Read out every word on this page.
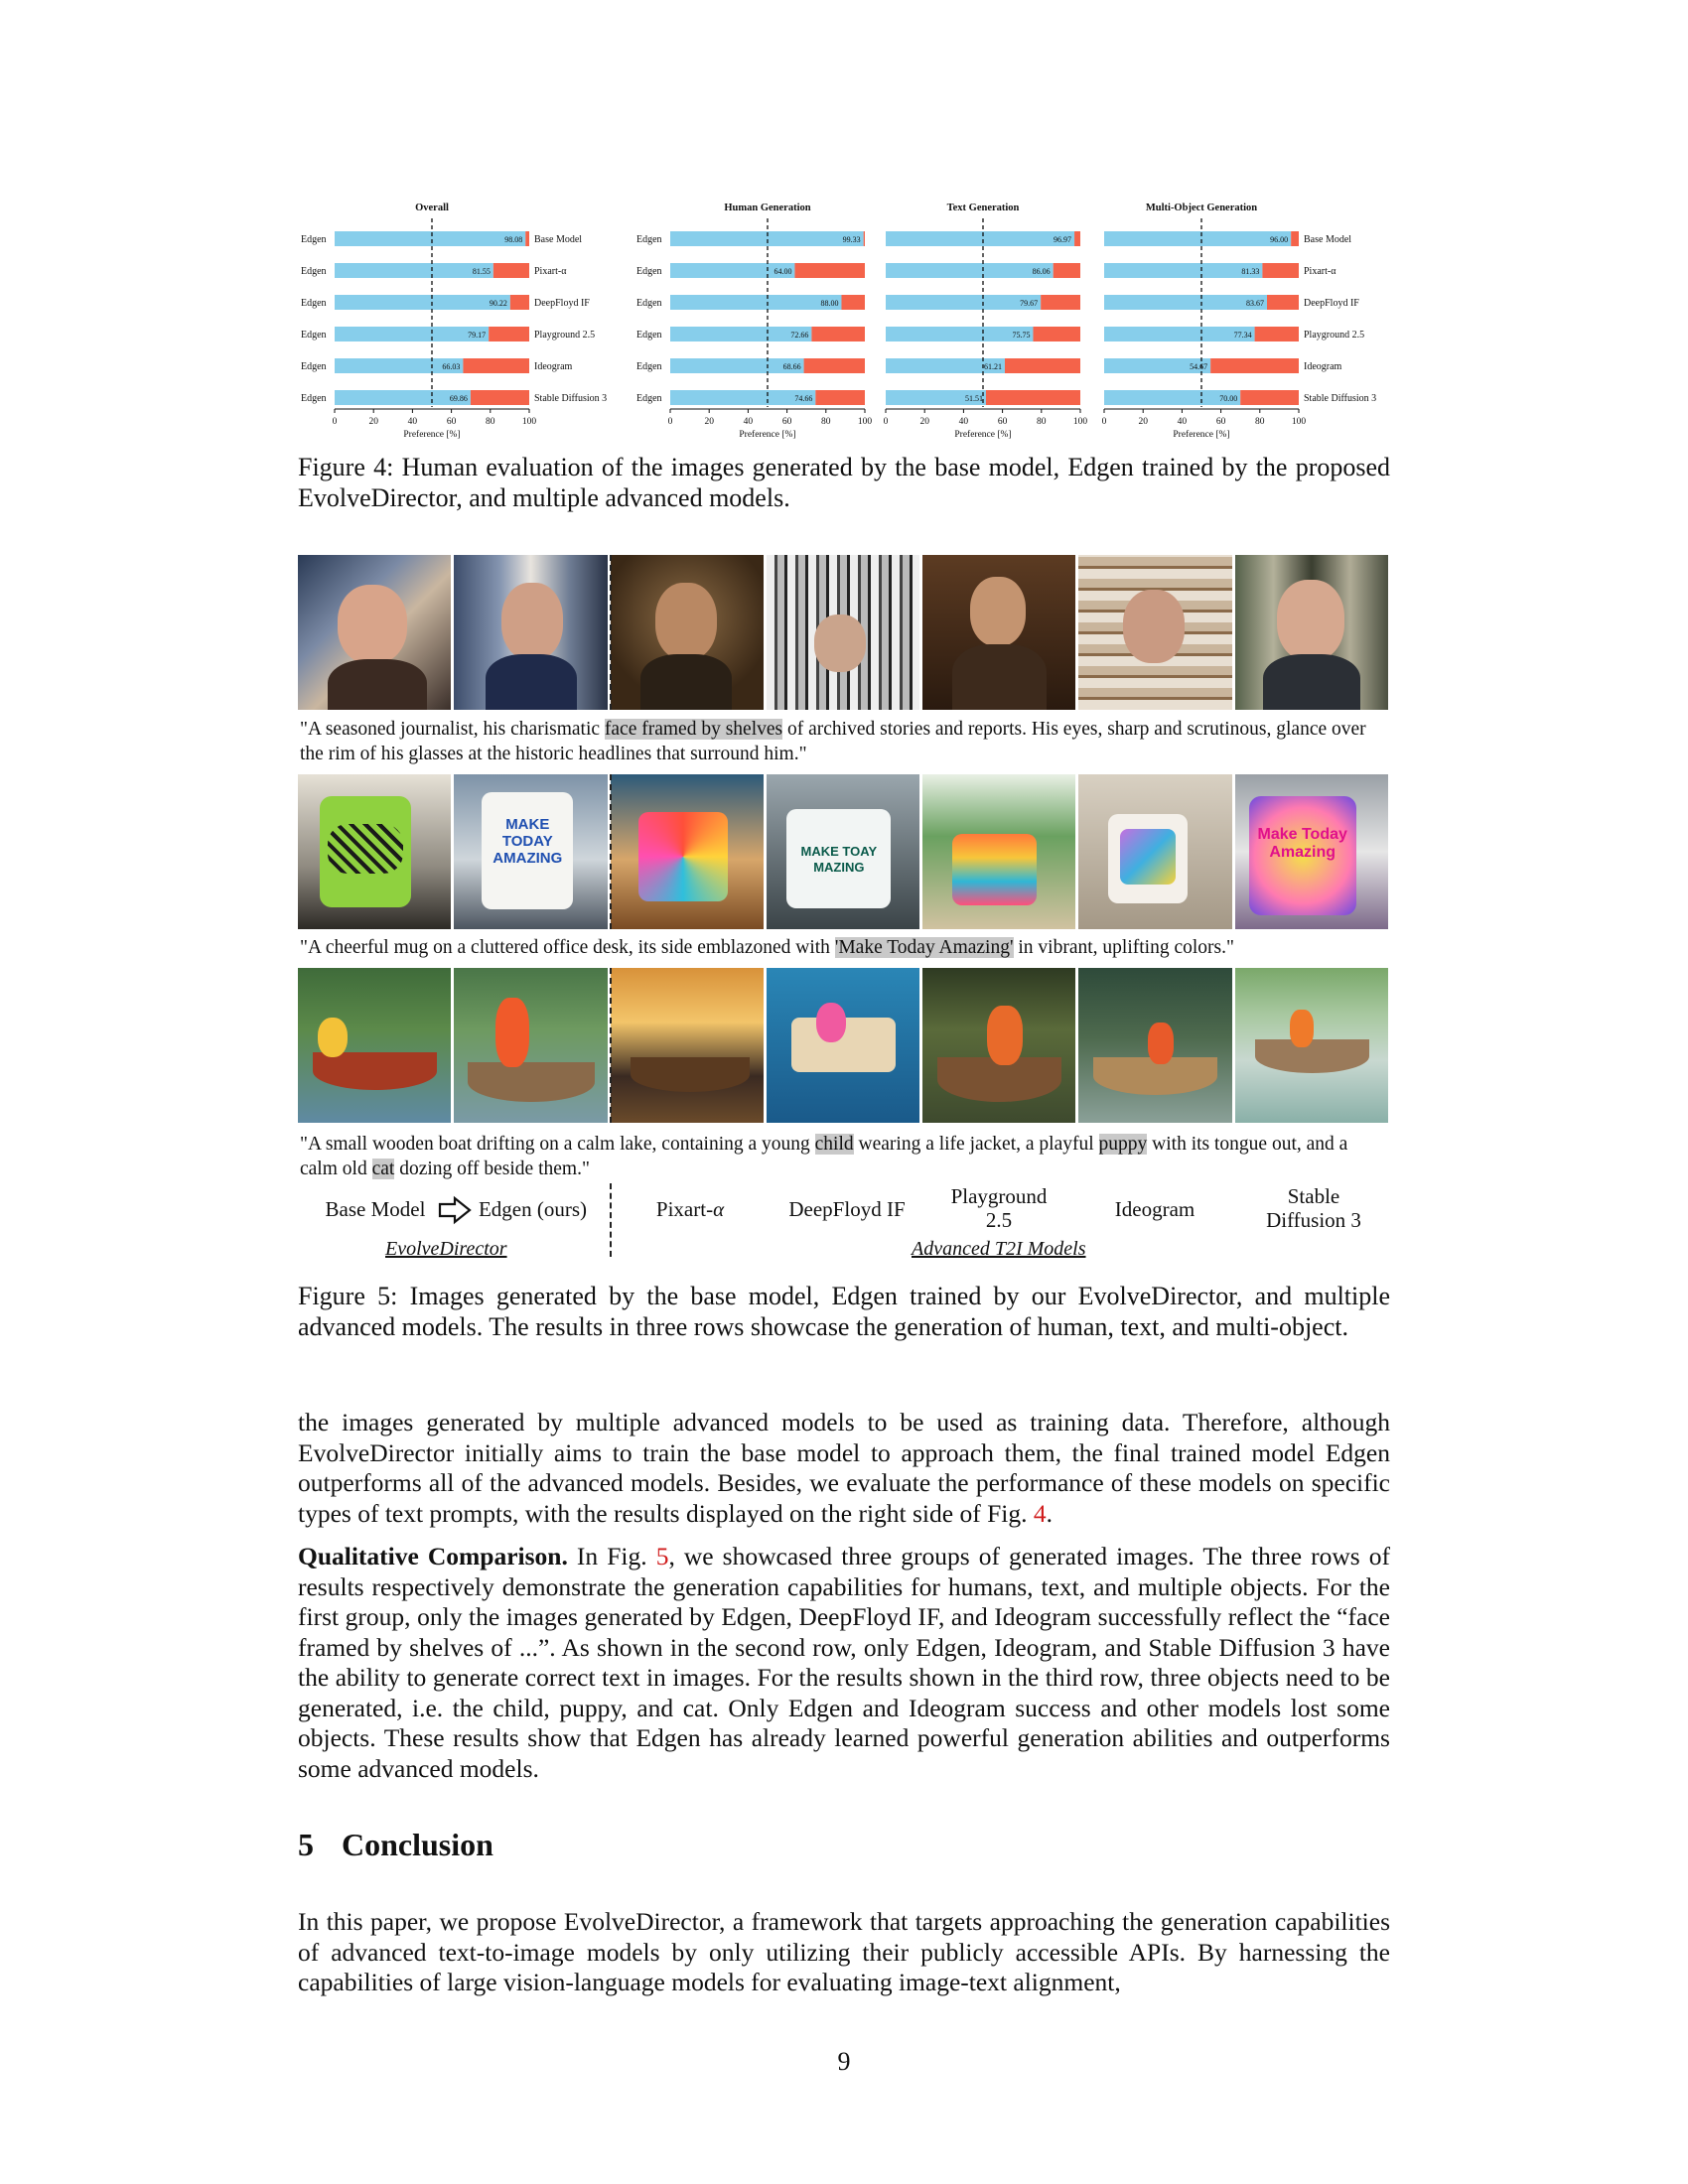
Overall
98.08
Edgen	Base Model
81.55
Edgen	Pixart-α
90.22
Edgen	DeepFloyd IF
79.17
Edgen	Playground 2.5
66.03
Edgen	Ideogram
69.86
Edgen	Stable Diffusion 3
0	20	40	60	80	100
Preference [%]
Human Generation
99.33
Edgen
64.00
Edgen
88.00
Edgen
72.66
Edgen
68.66
Edgen
74.66
Edgen
0	20	40	60	80	100
Preference [%]
Text Generation
96.97
86.06
79.67
75.75
61.21
51.51
0	20	40	60	80	100
Preference [%]
Multi-Object Generation
96.00 Base Model
81.33	Pixart-α
83.67	DeepFloyd IF
77.34	Playground 2.5
54.67	Ideogram
70.00	Stable Diffusion 3
0	20	40	60	80	100
Preference [%]
Figure 4: Human evaluation of the images generated by the base model, Edgen trained by the proposed EvolveDirector, and multiple advanced models.
"A seasoned journalist, his charismatic face framed by shelves of archived stories and reports. His eyes, sharp and scrutinous, glance over the rim of his glasses at the historic headlines that surround him."
MAKE TODAY AMAZING	MAKE TOAY MAZING
Make Today Amazing
"A cheerful mug on a cluttered office desk, its side emblazoned with 'Make Today Amazing' in vibrant, uplifting colors."
"A small wooden boat drifting on a calm lake, containing a young child wearing a life jacket, a playful puppy with its tongue out, and a calm old cat dozing off beside them."
Base Model	Edgen (ours)	Pixart-α	DeepFloyd IF
Playground
2.5	Ideogram
Stable
Diffusion 3
EvolveDirector	Advanced T2I Models
Figure 5: Images generated by the base model, Edgen trained by our EvolveDirector, and multiple advanced models. The results in three rows showcase the generation of human, text, and multi-object.
the images generated by multiple advanced models to be used as training data. Therefore, although EvolveDirector initially aims to train the base model to approach them, the final trained model Edgen outperforms all of the advanced models. Besides, we evaluate the performance of these models on specific types of text prompts, with the results displayed on the right side of Fig. 4.
Qualitative Comparison. In Fig. 5, we showcased three groups of generated images. The three rows of results respectively demonstrate the generation capabilities for humans, text, and multiple objects. For the first group, only the images generated by Edgen, DeepFloyd IF, and Ideogram successfully reflect the “face framed by shelves of ...”. As shown in the second row, only Edgen, Ideogram, and Stable Diffusion 3 have the ability to generate correct text in images. For the results shown in the third row, three objects need to be generated, i.e. the child, puppy, and cat. Only Edgen and Ideogram success and other models lost some objects. These results show that Edgen has already learned powerful generation abilities and outperforms some advanced models.
5 Conclusion
In this paper, we propose EvolveDirector, a framework that targets approaching the generation capabilities of advanced text-to-image models by only utilizing their publicly accessible APIs. By harnessing the capabilities of large vision-language models for evaluating image-text alignment,
9
